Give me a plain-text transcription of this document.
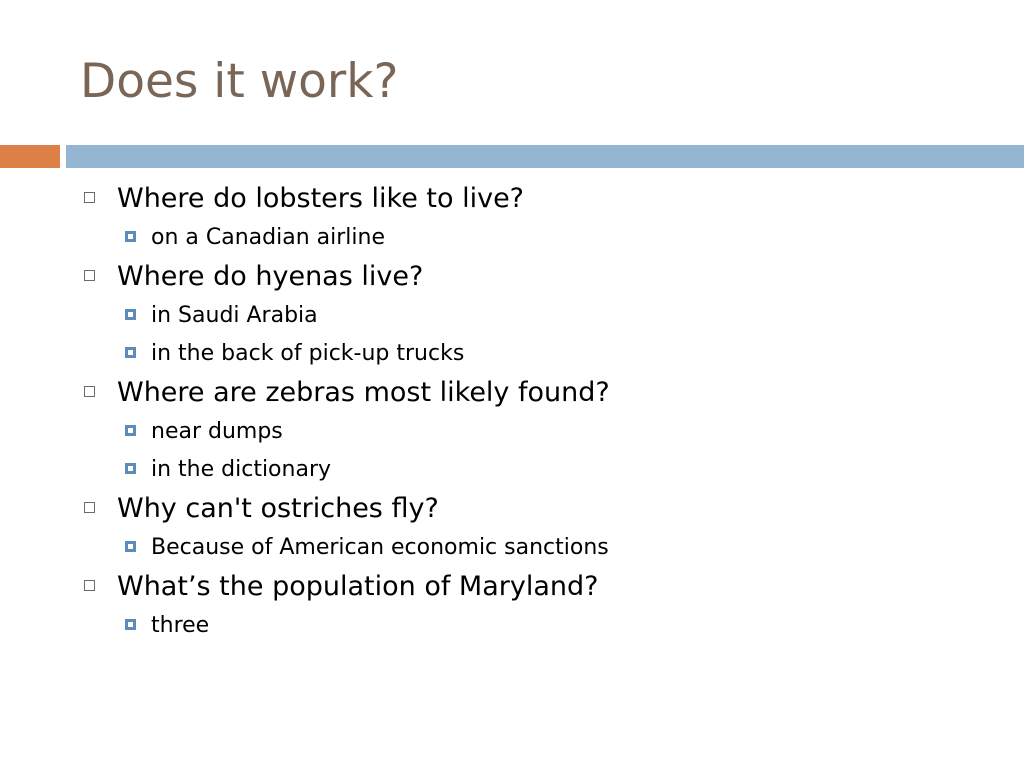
Does it work?
Where do lobsters like to live?
on a Canadian airline
Where do hyenas live?
in Saudi Arabia
in the back of pick-up trucks
Where are zebras most likely found?
near dumps
in the dictionary
Why can't ostriches fly?
Because of American economic sanctions
What’s the population of Maryland?
three
